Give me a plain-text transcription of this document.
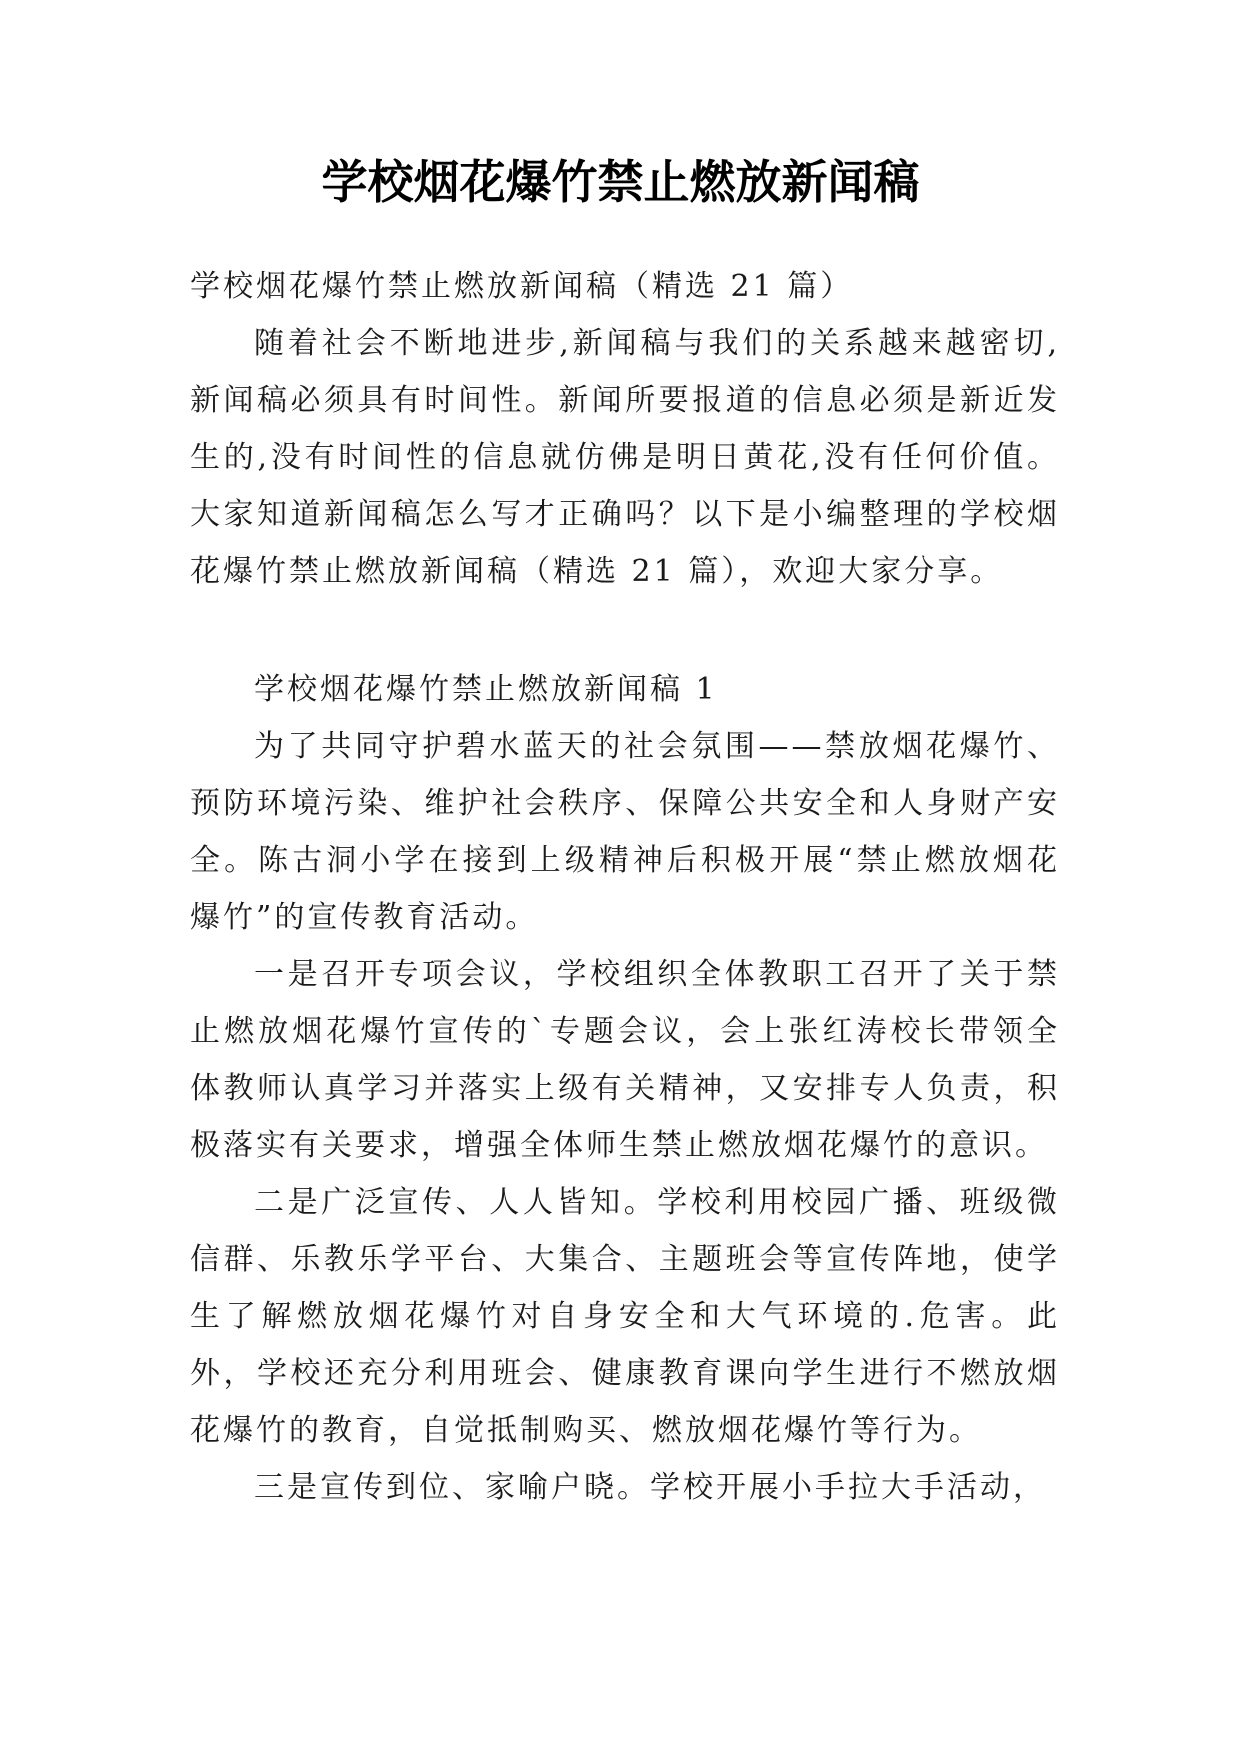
学校烟花爆竹禁止燃放新闻稿

学校烟花爆竹禁止燃放新闻稿（精选 21 篇）

随着社会不断地进步,新闻稿与我们的关系越来越密切,新闻稿必须具有时间性。新闻所要报道的信息必须是新近发生的,没有时间性的信息就仿佛是明日黄花,没有任何价值。大家知道新闻稿怎么写才正确吗？以下是小编整理的学校烟花爆竹禁止燃放新闻稿（精选 21 篇），欢迎大家分享。

学校烟花爆竹禁止燃放新闻稿 1

为了共同守护碧水蓝天的社会氛围——禁放烟花爆竹、预防环境污染、维护社会秩序、保障公共安全和人身财产安全。陈古洞小学在接到上级精神后积极开展“禁止燃放烟花爆竹”的宣传教育活动。

一是召开专项会议，学校组织全体教职工召开了关于禁止燃放烟花爆竹宣传的`专题会议，会上张红涛校长带领全体教师认真学习并落实上级有关精神，又安排专人负责，积极落实有关要求，增强全体师生禁止燃放烟花爆竹的意识。

二是广泛宣传、人人皆知。学校利用校园广播、班级微信群、乐教乐学平台、大集合、主题班会等宣传阵地，使学生了解燃放烟花爆竹对自身安全和大气环境的.危害。此外，学校还充分利用班会、健康教育课向学生进行不燃放烟花爆竹的教育，自觉抵制购买、燃放烟花爆竹等行为。

三是宣传到位、家喻户晓。学校开展小手拉大手活动，
